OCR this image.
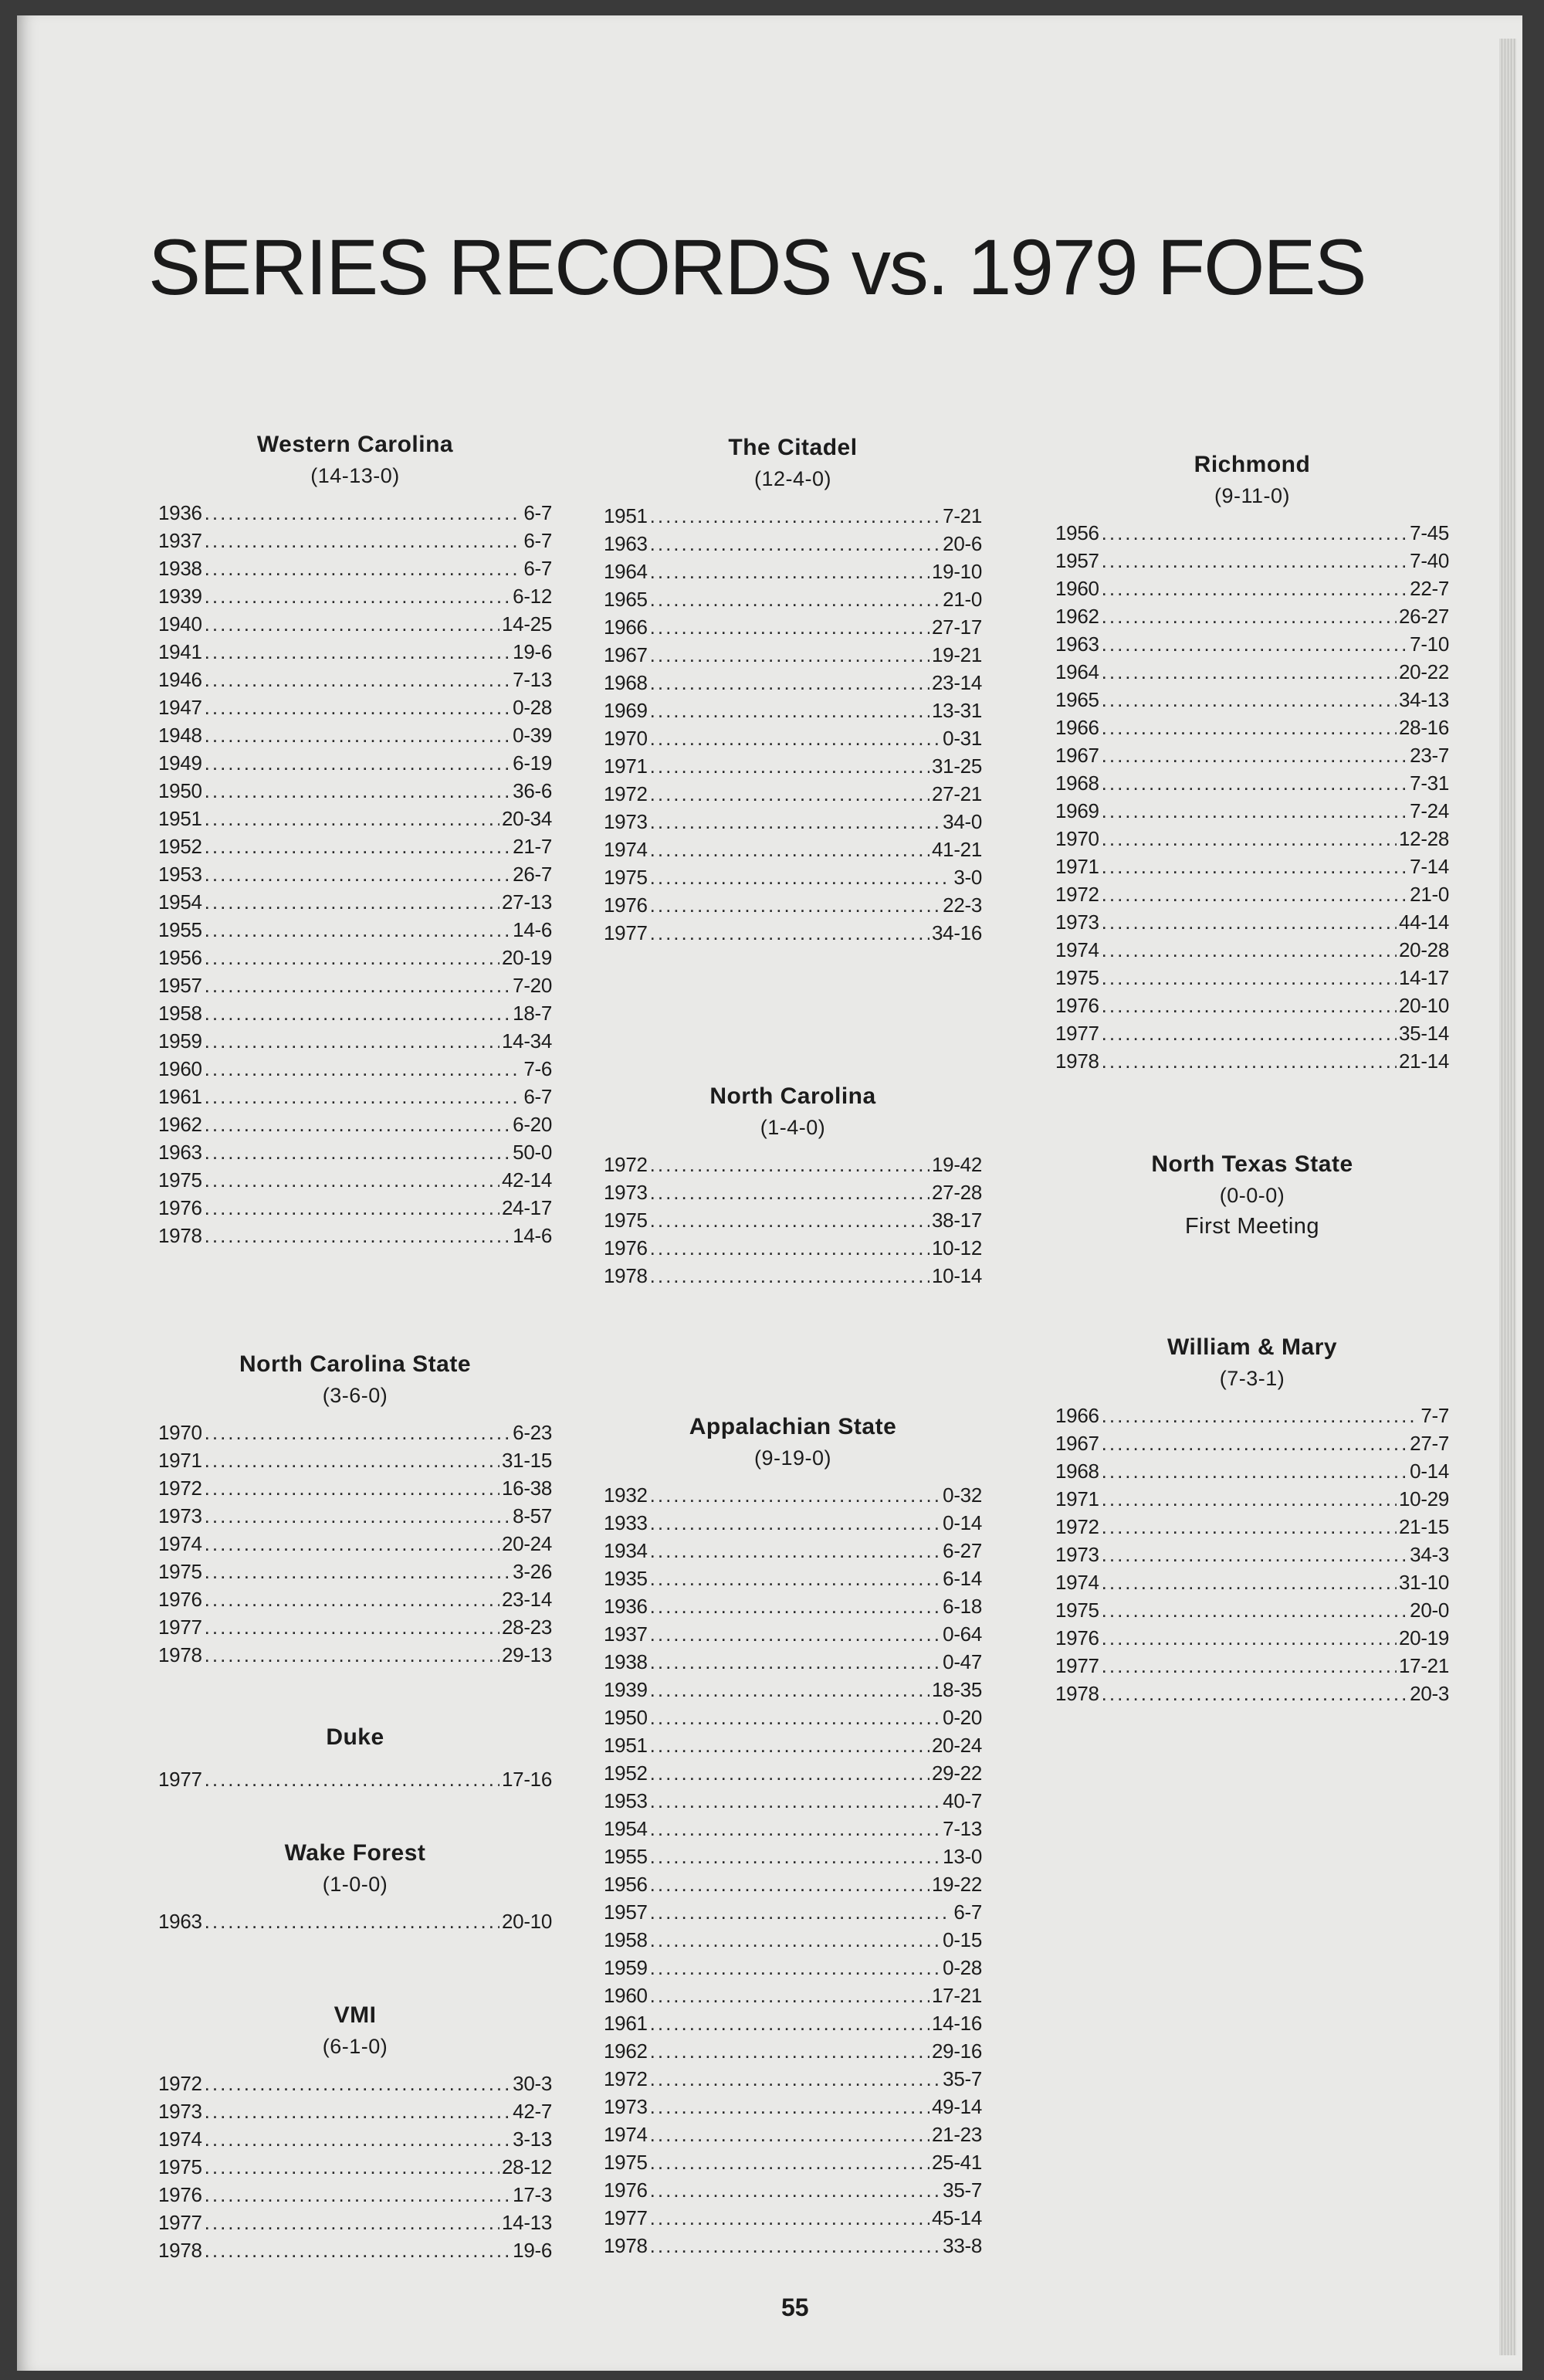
SERIES RECORDS vs. 1979 FOES
Western Carolina
(14-13-0)
1936 .....	6-7
1937 .....	6-7
1938 .....	6-7
1939 .....	6-12
1940 .....	14-25
1941 .....	19-6
1946 .....	7-13
1947 .....	0-28
1948 .....	0-39
1949 .....	6-19
1950 .....	36-6
1951 .....	20-34
1952 .....	21-7
1953 .....	26-7
1954 .....	27-13
1955 .....	14-6
1956 .....	20-19
1957 .....	7-20
1958 .....	18-7
1959 .....	14-34
1960 .....	7-6
1961 .....	6-7
1962 .....	6-20
1963 .....	50-0
1975 .....	42-14
1976 .....	24-17
1978 .....	14-6
North Carolina State
(3-6-0)
1970 .....	6-23
1971 .....	31-15
1972 .....	16-38
1973 .....	8-57
1974 .....	20-24
1975 .....	3-26
1976 .....	23-14
1977 .....	28-23
1978 .....	29-13
Duke
1977 .....	17-16
Wake Forest
(1-0-0)
1963 .....	20-10
VMI
(6-1-0)
1972 .....	30-3
1973 .....	42-7
1974 .....	3-13
1975 .....	28-12
1976 .....	17-3
1977 .....	14-13
1978 .....	19-6
The Citadel
(12-4-0)
1951 .....	7-21
1963 .....	20-6
1964 .....	19-10
1965 .....	21-0
1966 .....	27-17
1967 .....	19-21
1968 .....	23-14
1969 .....	13-31
1970 .....	0-31
1971 .....	31-25
1972 .....	27-21
1973 .....	34-0
1974 .....	41-21
1975 .....	3-0
1976 .....	22-3
1977 .....	34-16
North Carolina
(1-4-0)
1972 .....	19-42
1973 .....	27-28
1975 .....	38-17
1976 .....	10-12
1978 .....	10-14
Appalachian State
(9-19-0)
1932 .....	0-32
1933 .....	0-14
1934 .....	6-27
1935 .....	6-14
1936 .....	6-18
1937 .....	0-64
1938 .....	0-47
1939 .....	18-35
1950 .....	0-20
1951 .....	20-24
1952 .....	29-22
1953 .....	40-7
1954 .....	7-13
1955 .....	13-0
1956 .....	19-22
1957 .....	6-7
1958 .....	0-15
1959 .....	0-28
1960 .....	17-21
1961 .....	14-16
1962 .....	29-16
1972 .....	35-7
1973 .....	49-14
1974 .....	21-23
1975 .....	25-41
1976 .....	35-7
1977 .....	45-14
1978 .....	33-8
Richmond
(9-11-0)
1956 .....	7-45
1957 .....	7-40
1960 .....	22-7
1962 .....	26-27
1963 .....	7-10
1964 .....	20-22
1965 .....	34-13
1966 .....	28-16
1967 .....	23-7
1968 .....	7-31
1969 .....	7-24
1970 .....	12-28
1971 .....	7-14
1972 .....	21-0
1973 .....	44-14
1974 .....	20-28
1975 .....	14-17
1976 .....	20-10
1977 .....	35-14
1978 .....	21-14
North Texas State
(0-0-0)
First Meeting
William & Mary
(7-3-1)
1966 .....	7-7
1967 .....	27-7
1968 .....	0-14
1971 .....	10-29
1972 .....	21-15
1973 .....	34-3
1974 .....	31-10
1975 .....	20-0
1976 .....	20-19
1977 .....	17-21
1978 .....	20-3
55
